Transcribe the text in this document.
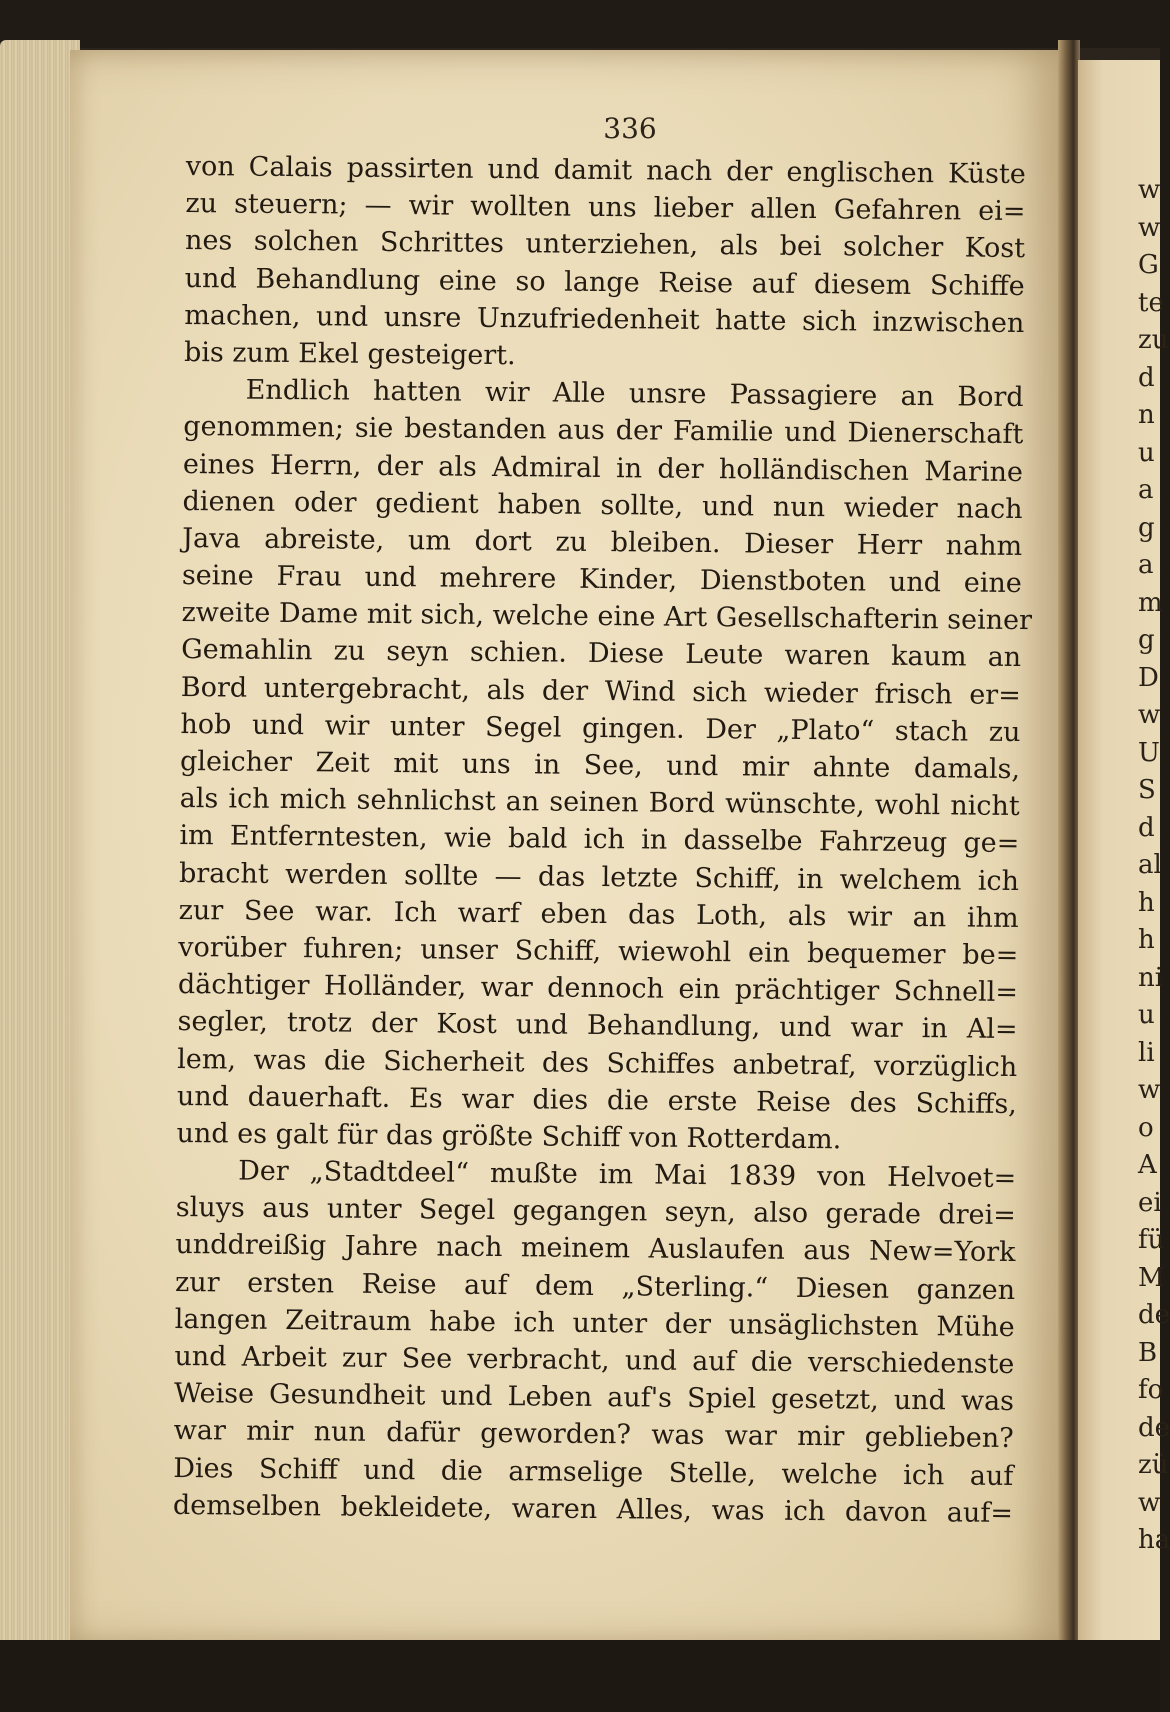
336
von Calais passirten und damit nach der englischen Küste
zu steuern; — wir wollten uns lieber allen Gefahren ei=
nes solchen Schrittes unterziehen, als bei solcher Kost
und Behandlung eine so lange Reise auf diesem Schiffe
machen, und unsre Unzufriedenheit hatte sich inzwischen
bis zum Ekel gesteigert.
Endlich hatten wir Alle unsre Passagiere an Bord
genommen; sie bestanden aus der Familie und Dienerschaft
eines Herrn, der als Admiral in der holländischen Marine
dienen oder gedient haben sollte, und nun wieder nach
Java abreiste, um dort zu bleiben. Dieser Herr nahm
seine Frau und mehrere Kinder, Dienstboten und eine
zweite Dame mit sich, welche eine Art Gesellschafterin seiner
Gemahlin zu seyn schien. Diese Leute waren kaum an
Bord untergebracht, als der Wind sich wieder frisch er=
hob und wir unter Segel gingen. Der „Plato“ stach zu
gleicher Zeit mit uns in See, und mir ahnte damals,
als ich mich sehnlichst an seinen Bord wünschte, wohl nicht
im Entferntesten, wie bald ich in dasselbe Fahrzeug ge=
bracht werden sollte — das letzte Schiff, in welchem ich
zur See war. Ich warf eben das Loth, als wir an ihm
vorüber fuhren; unser Schiff, wiewohl ein bequemer be=
dächtiger Holländer, war dennoch ein prächtiger Schnell=
segler, trotz der Kost und Behandlung, und war in Al=
lem, was die Sicherheit des Schiffes anbetraf, vorzüglich
und dauerhaft. Es war dies die erste Reise des Schiffs,
und es galt für das größte Schiff von Rotterdam.
Der „Stadtdeel“ mußte im Mai 1839 von Helvoet=
sluys aus unter Segel gegangen seyn, also gerade drei=
unddreißig Jahre nach meinem Auslaufen aus New=York
zur ersten Reise auf dem „Sterling.“ Diesen ganzen
langen Zeitraum habe ich unter der unsäglichsten Mühe
und Arbeit zur See verbracht, und auf die verschiedenste
Weise Gesundheit und Leben auf's Spiel gesetzt, und was
war mir nun dafür geworden? was war mir geblieben?
Dies Schiff und die armselige Stelle, welche ich auf
demselben bekleidete, waren Alles, was ich davon auf=
w
w
G
te
zu
d
n
u
a
g
a
m
g
D
w
U
S
d
al
h
h
ni
u
li
w
o
A
ei
fü
M
de
B
fo
de
zü
w
ha
